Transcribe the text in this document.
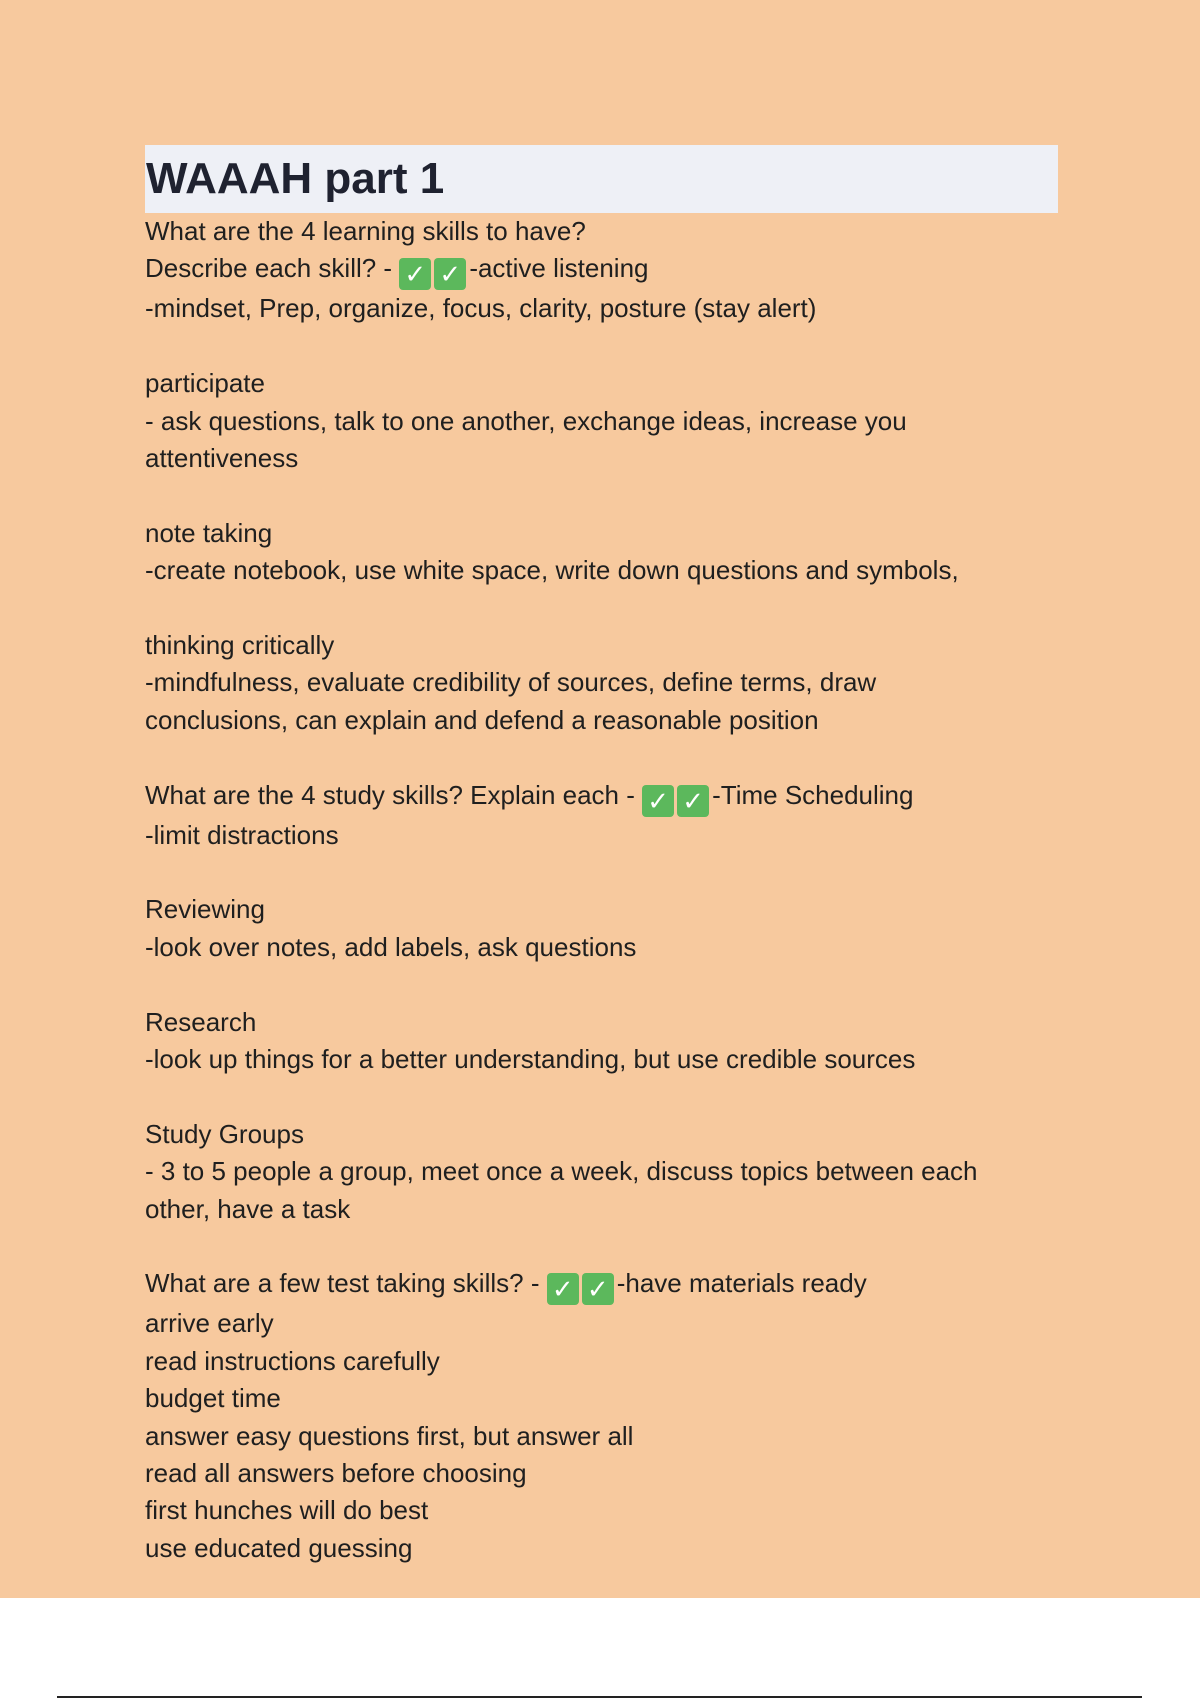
WAAAH part 1
What are the 4 learning skills to have?
Describe each skill? - ✓ ✓ -active listening
-mindset, Prep, organize, focus, clarity, posture (stay alert)
participate
- ask questions, talk to one another, exchange ideas, increase you
attentiveness
note taking
-create notebook, use white space, write down questions and symbols,
thinking critically
-mindfulness, evaluate credibility of sources, define terms, draw
conclusions, can explain and defend a reasonable position
What are the 4 study skills? Explain each - ✓ ✓ -Time Scheduling
-limit distractions
Reviewing
-look over notes, add labels, ask questions
Research
-look up things for a better understanding, but use credible sources
Study Groups
- 3 to 5 people a group, meet once a week, discuss topics between each
other, have a task
What are a few test taking skills? - ✓ ✓ -have materials ready
arrive early
read instructions carefully
budget time
answer easy questions first, but answer all
read all answers before choosing
first hunches will do best
use educated guessing
